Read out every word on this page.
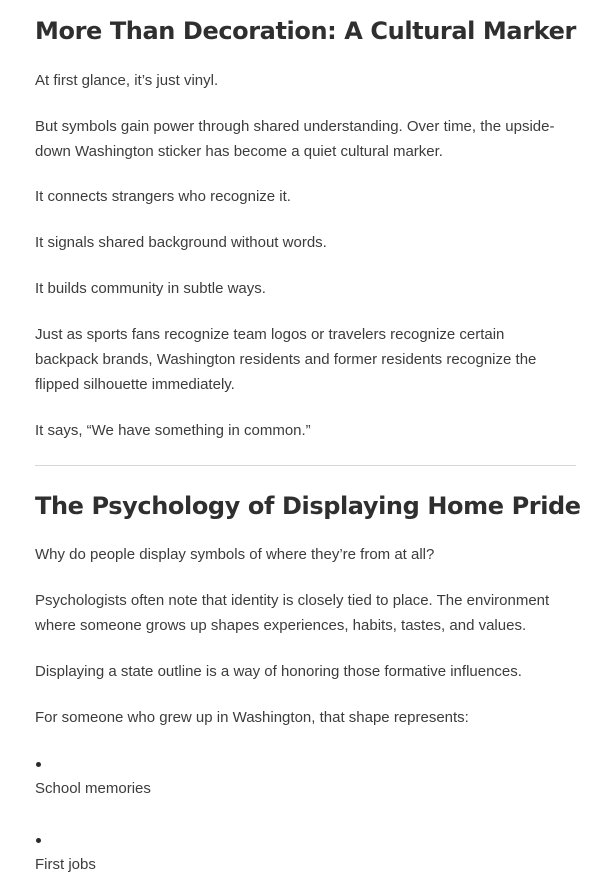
More Than Decoration: A Cultural Marker

At first glance, it’s just vinyl.

But symbols gain power through shared understanding. Over time, the upside-down Washington sticker has become a quiet cultural marker.

It connects strangers who recognize it.

It signals shared background without words.

It builds community in subtle ways.

Just as sports fans recognize team logos or travelers recognize certain backpack brands, Washington residents and former residents recognize the flipped silhouette immediately.

It says, “We have something in common.”

The Psychology of Displaying Home Pride

Why do people display symbols of where they’re from at all?

Psychologists often note that identity is closely tied to place. The environment where someone grows up shapes experiences, habits, tastes, and values.

Displaying a state outline is a way of honoring those formative influences.

For someone who grew up in Washington, that shape represents:

School memories
First jobs
